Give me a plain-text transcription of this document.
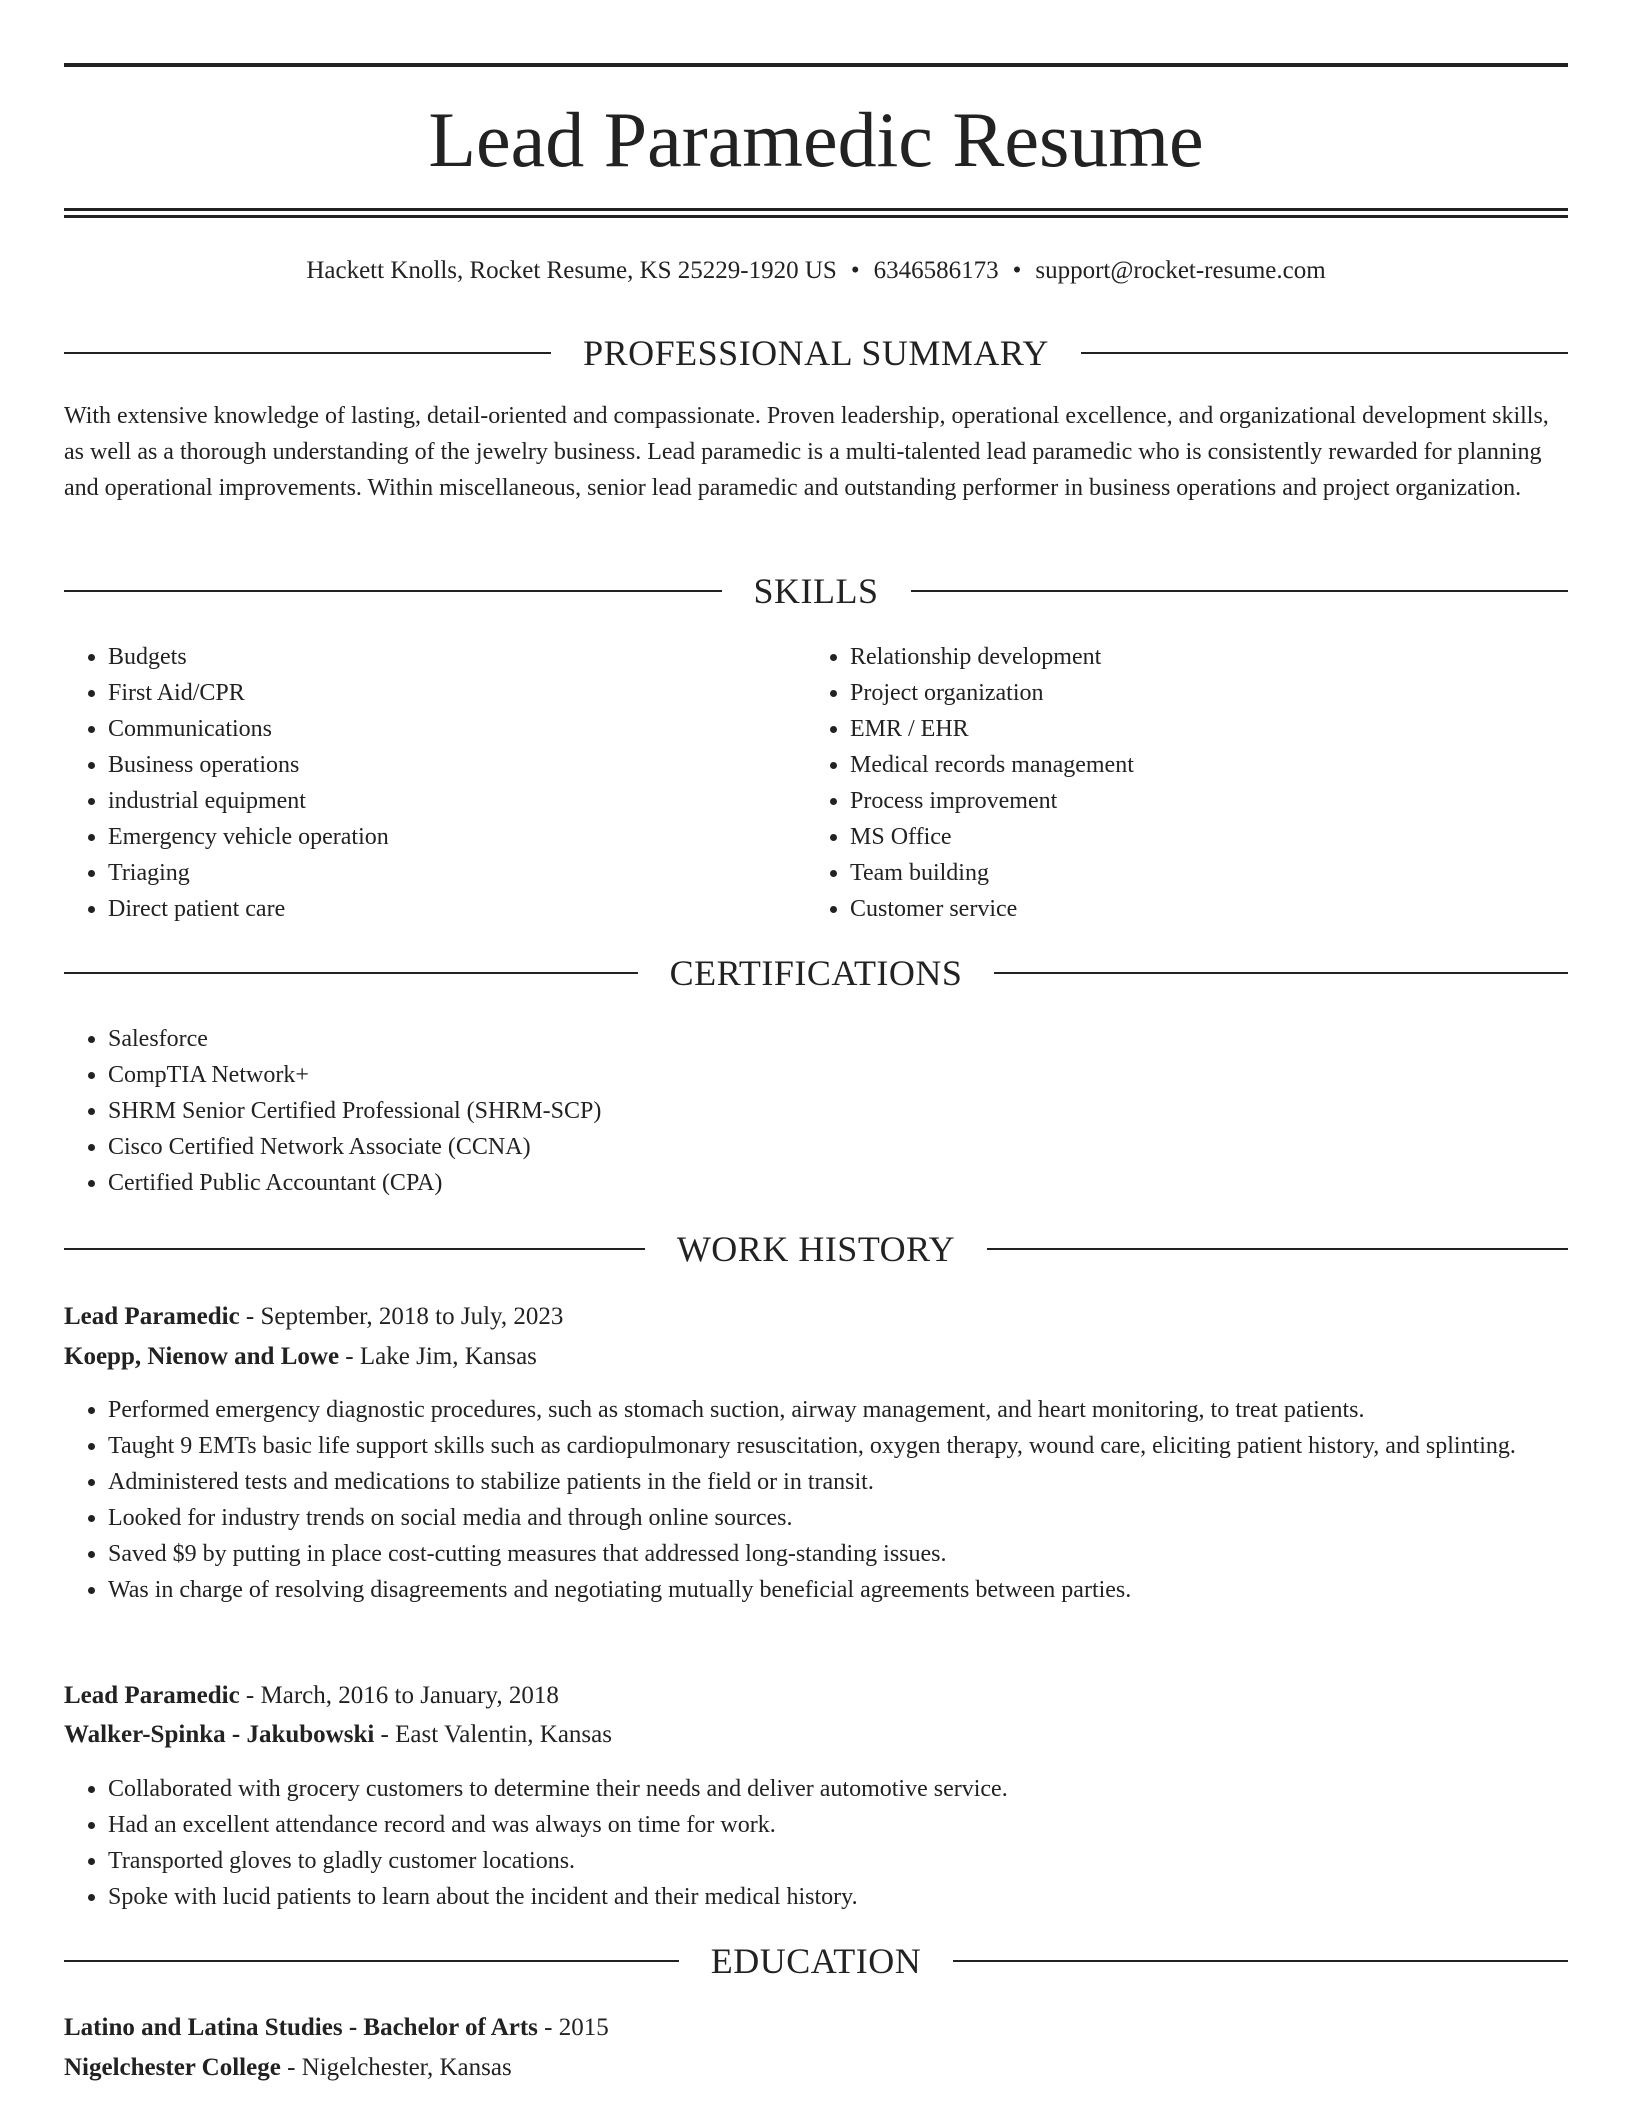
Lead Paramedic Resume
Hackett Knolls, Rocket Resume, KS 25229-1920 US • 6346586173 • support@rocket-resume.com
PROFESSIONAL SUMMARY
With extensive knowledge of lasting, detail-oriented and compassionate. Proven leadership, operational excellence, and organizational development skills, as well as a thorough understanding of the jewelry business. Lead paramedic is a multi-talented lead paramedic who is consistently rewarded for planning and operational improvements. Within miscellaneous, senior lead paramedic and outstanding performer in business operations and project organization.
SKILLS
• Budgets
• First Aid/CPR
• Communications
• Business operations
• industrial equipment
• Emergency vehicle operation
• Triaging
• Direct patient care
• Relationship development
• Project organization
• EMR / EHR
• Medical records management
• Process improvement
• MS Office
• Team building
• Customer service
CERTIFICATIONS
• Salesforce
• CompTIA Network+
• SHRM Senior Certified Professional (SHRM-SCP)
• Cisco Certified Network Associate (CCNA)
• Certified Public Accountant (CPA)
WORK HISTORY
Lead Paramedic - September, 2018 to July, 2023
Koepp, Nienow and Lowe - Lake Jim, Kansas
• Performed emergency diagnostic procedures, such as stomach suction, airway management, and heart monitoring, to treat patients.
• Taught 9 EMTs basic life support skills such as cardiopulmonary resuscitation, oxygen therapy, wound care, eliciting patient history, and splinting.
• Administered tests and medications to stabilize patients in the field or in transit.
• Looked for industry trends on social media and through online sources.
• Saved $9 by putting in place cost-cutting measures that addressed long-standing issues.
• Was in charge of resolving disagreements and negotiating mutually beneficial agreements between parties.
Lead Paramedic - March, 2016 to January, 2018
Walker-Spinka - Jakubowski - East Valentin, Kansas
• Collaborated with grocery customers to determine their needs and deliver automotive service.
• Had an excellent attendance record and was always on time for work.
• Transported gloves to gladly customer locations.
• Spoke with lucid patients to learn about the incident and their medical history.
EDUCATION
Latino and Latina Studies - Bachelor of Arts - 2015
Nigelchester College - Nigelchester, Kansas
